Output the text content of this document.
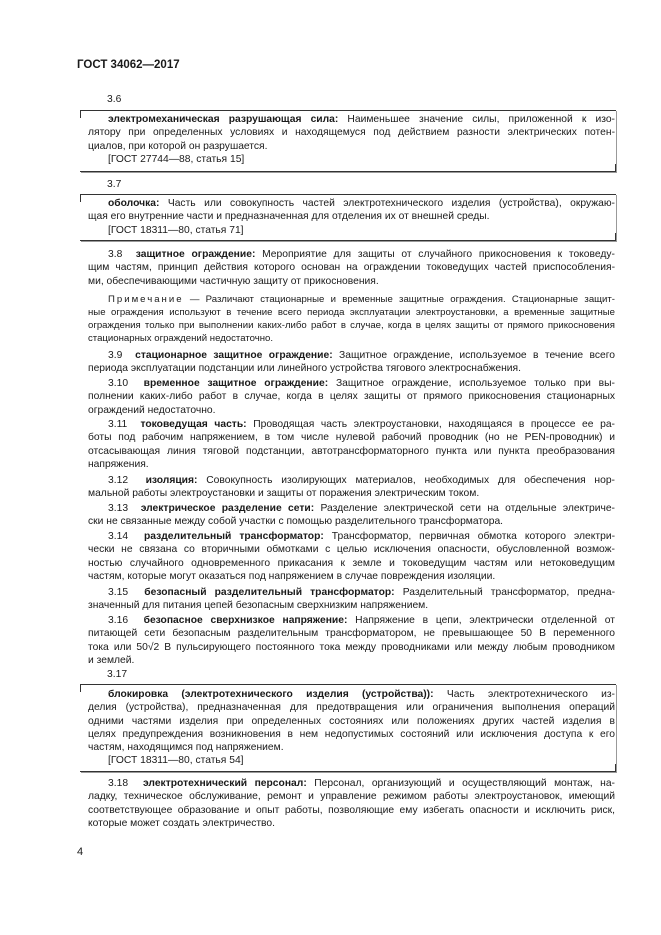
ГОСТ 34062—2017
3.6
электромеханическая разрушающая сила: Наименьшее значение силы, приложенной к изо-
лятору при определенных условиях и находящемуся под действием разности электрических потен-
циалов, при которой он разрушается.
[ГОСТ 27744—88, статья 15]
3.7
оболочка: Часть или совокупность частей электротехнического изделия (устройства), окружаю-
щая его внутренние части и предназначенная для отделения их от внешней среды.
[ГОСТ 18311—80, статья 71]
3.8 защитное ограждение: Мероприятие для защиты от случайного прикосновения к токоведу-
щим частям, принцип действия которого основан на ограждении токоведущих частей приспособления-
ми, обеспечивающими частичную защиту от прикосновения.
Примечание — Различают стационарные и временные защитные ограждения. Стационарные защит-
ные ограждения используют в течение всего периода эксплуатации электроустановки, а временные защитные
ограждения только при выполнении каких-либо работ в случае, когда в целях защиты от прямого прикосновения
стационарных ограждений недостаточно.
3.9 стационарное защитное ограждение: Защитное ограждение, используемое в течение всего
периода эксплуатации подстанции или линейного устройства тягового электроснабжения.
3.10 временное защитное ограждение: Защитное ограждение, используемое только при вы-
полнении каких-либо работ в случае, когда в целях защиты от прямого прикосновения стационарных
ограждений недостаточно.
3.11 токоведущая часть: Проводящая часть электроустановки, находящаяся в процессе ее ра-
боты под рабочим напряжением, в том числе нулевой рабочий проводник (но не PEN-проводник) и
отсасывающая линия тяговой подстанции, автотрансформаторного пункта или пункта преобразования
напряжения.
3.12 изоляция: Совокупность изолирующих материалов, необходимых для обеспечения нор-
мальной работы электроустановки и защиты от поражения электрическим током.
3.13 электрическое разделение сети: Разделение электрической сети на отдельные электриче-
ски не связанные между собой участки с помощью разделительного трансформатора.
3.14 разделительный трансформатор: Трансформатор, первичная обмотка которого электри-
чески не связана со вторичными обмотками с целью исключения опасности, обусловленной возмож-
ностью случайного одновременного прикасания к земле и токоведущим частям или нетоковедущим
частям, которые могут оказаться под напряжением в случае повреждения изоляции.
3.15 безопасный разделительный трансформатор: Разделительный трансформатор, предна-
значенный для питания цепей безопасным сверхнизким напряжением.
3.16 безопасное сверхнизкое напряжение: Напряжение в цепи, электрически отделенной от
питающей сети безопасным разделительным трансформатором, не превышающее 50 В переменного
тока или 50√2 В пульсирующего постоянного тока между проводниками или между любым проводником
и землей.
3.17
блокировка (электротехнического изделия (устройства)): Часть электротехнического из-
делия (устройства), предназначенная для предотвращения или ограничения выполнения операций
одними частями изделия при определенных состояниях или положениях других частей изделия в
целях предупреждения возникновения в нем недопустимых состояний или исключения доступа к его
частям, находящимся под напряжением.
[ГОСТ 18311—80, статья 54]
3.18 электротехнический персонал: Персонал, организующий и осуществляющий монтаж, на-
ладку, техническое обслуживание, ремонт и управление режимом работы электроустановок, имеющий
соответствующее образование и опыт работы, позволяющие ему избегать опасности и исключить риск,
которые может создать электричество.
4
